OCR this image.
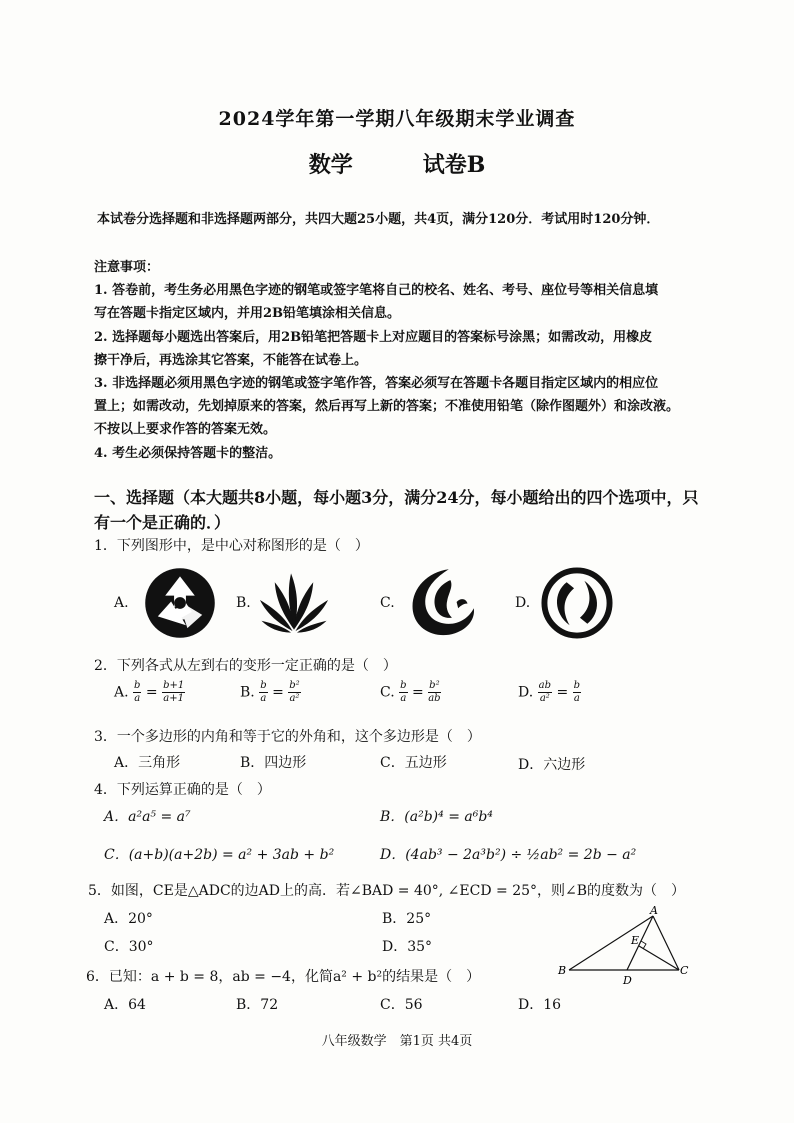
2024学年第一学期八年级期末学业调查
数学	试卷B
本试卷分选择题和非选择题两部分，共四大题25小题，共4页，满分120分．考试用时120分钟．
注意事项：
1. 答卷前，考生务必用黑色字迹的钢笔或签字笔将自己的校名、姓名、考号、座位号等相关信息填
写在答题卡指定区域内，并用2B铅笔填涂相关信息。
2. 选择题每小题选出答案后，用2B铅笔把答题卡上对应题目的答案标号涂黑；如需改动，用橡皮
擦干净后，再选涂其它答案，不能答在试卷上。
3. 非选择题必须用黑色字迹的钢笔或签字笔作答，答案必须写在答题卡各题目指定区域内的相应位
置上；如需改动，先划掉原来的答案，然后再写上新的答案；不准使用铅笔（除作图题外）和涂改液。
不按以上要求作答的答案无效。
4. 考生必须保持答题卡的整洁。
一、选择题（本大题共8小题，每小题3分，满分24分，每小题给出的四个选项中，只
有一个是正确的．）
1．下列图形中，是中心对称图形的是（　）
A.	B.	C.	D.
2．下列各式从左到右的变形一定正确的是（　）
A. $\frac{b}{a} = \frac{b+1}{a+1}$	B. $\frac{b}{a} = \frac{\text{b²}}{\text{a²}}$	C. $\frac{b}{a} = \frac{\text{b²}}{ab}$	D. $\frac{ab}{\text{a²}} = \frac{b}{a}$
3．一个多边形的内角和等于它的外角和，这个多边形是（　）
A．三角形	B．四边形	C．五边形	D．六边形
4．下列运算正确的是（　）
A．a²a⁵ = a⁷	B．(a²b)⁴ = a⁶b⁴
C．(a+b)(a+2b) = a² + 3ab + b²	D．(4ab³ − 2a³b²) ÷ ½ab² = 2b − a²
5．如图，CE是△ADC的边AD上的高．若∠BAD = 40°, ∠ECD = 25°，则∠B的度数为（　）
A．20°	B．25°
C．30°	D．35°
A
E
B
D
C
6．已知：a + b = 8，ab = −4，化简a² + b²的结果是（　）
A．64	B．72	C．56	D．16
八年级数学　第1页 共4页
